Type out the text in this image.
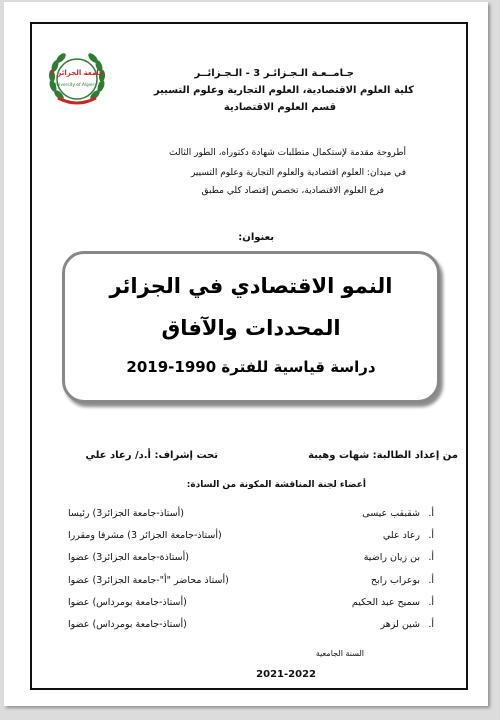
جامعة الجزائر 3
University of Algiers 3
جـامــعـة الـجـزائـر 3 - الـجـزائــر
كلية العلوم الاقتصادية، العلوم التجارية وعلوم التسيير
قسم العلوم الاقتصادية
أطروحة مقدمة لإستكمال متطلبات شهادة دكتوراه، الطور الثالث
في ميدان: العلوم اقتصادية والعلوم التجارية وعلوم التسيير
فرع العلوم الاقتصادية، تخصص إقتصاد كلي مطبق
بعنوان:
النمو الاقتصادي في الجزائر
المحددات والآفاق
دراسة قياسية للفترة 1990-2019
من إعداد الطالبة: شهات وهيبة
تحت إشراف: أ.د/ رعاد علي
أعضاء لجنة المناقشة المكونة من السادة:
أ.
شقبقب عيسى
(أستاذ-جامعة الجزائر3) رئيسا
أ.
رعاد علي
(أستاذ-جامعة الجزائر 3) مشرفا ومقررا
أ.
بن زيان راضية
(أستاذة-جامعة الجزائر3) عضوا
أ.
بوعراب رابح
(أستاذ محاضر "أ"-جامعة الجزائر3) عضوا
أ.
سميح عبد الحكيم
(أستاذ-جامعة بومرداس) عضوا
أ.
شين لزهر
(أستاذ-جامعة بومرداس) عضوا
السنة الجامعية
2021-2022
